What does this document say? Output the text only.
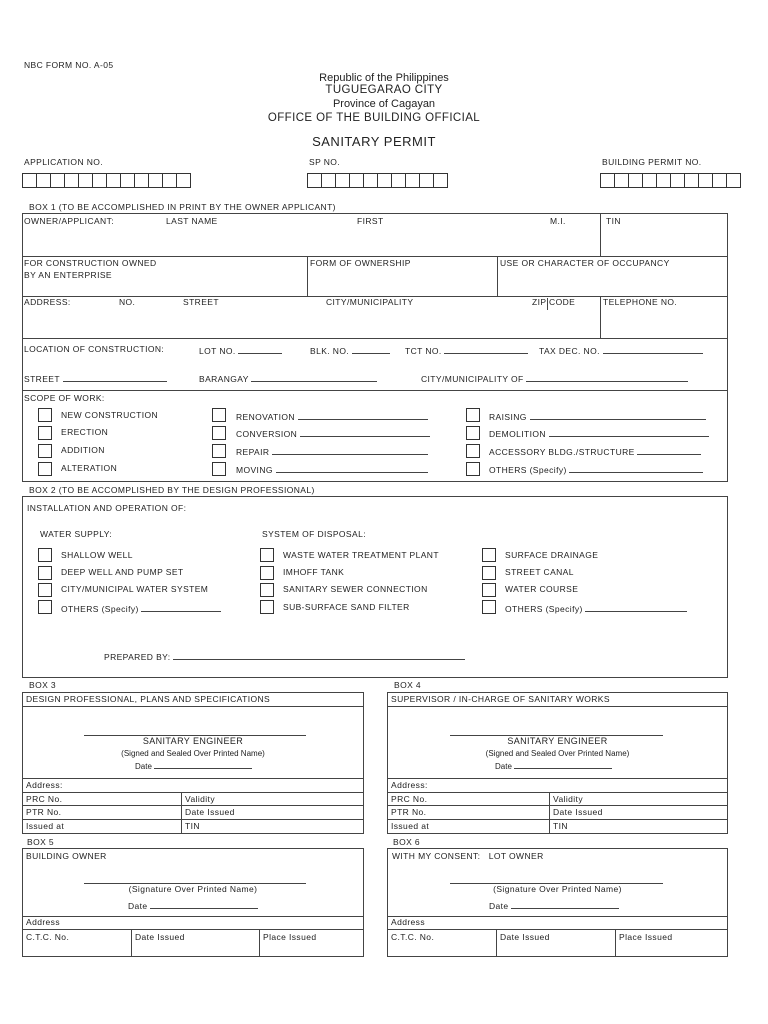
NBC FORM NO. A-05
Republic of the Philippines
TUGUEGARAO CITY
Province of Cagayan
OFFICE OF THE BUILDING OFFICIAL
SANITARY PERMIT
APPLICATION NO.	SP NO.	BUILDING PERMIT NO.
BOX 1 (TO BE ACCOMPLISHED IN PRINT BY THE OWNER APPLICANT)
OWNER/APPLICANT:	LAST NAME	FIRST	M.I.	TIN
FOR CONSTRUCTION OWNED
BY AN ENTERPRISE
FORM OF OWNERSHIP	USE OR CHARACTER OF OCCUPANCY
ADDRESS:	NO.	STREET	CITY/MUNICIPALITY	ZIP CODE	TELEPHONE NO.
LOCATION OF CONSTRUCTION:	LOT NO.	BLK. NO.	TCT NO.	TAX DEC. NO.
STREET	BARANGAY	CITY/MUNICIPALITY OF
SCOPE OF WORK:
NEW CONSTRUCTION
ERECTION
ADDITION
ALTERATION
RENOVATION
CONVERSION
REPAIR
MOVING
RAISING
DEMOLITION
ACCESSORY BLDG./STRUCTURE
OTHERS (Specify)
BOX 2 (TO BE ACCOMPLISHED BY THE DESIGN PROFESSIONAL)
INSTALLATION AND OPERATION OF:
WATER SUPPLY:	SYSTEM OF DISPOSAL:
SHALLOW WELL
DEEP WELL AND PUMP SET
CITY/MUNICIPAL WATER SYSTEM
OTHERS (Specify)
WASTE WATER TREATMENT PLANT
IMHOFF TANK
SANITARY SEWER CONNECTION
SUB-SURFACE SAND FILTER
SURFACE DRAINAGE
STREET CANAL
WATER COURSE
OTHERS (Specify)
PREPARED BY:
BOX 3
DESIGN PROFESSIONAL, PLANS AND SPECIFICATIONS
SANITARY ENGINEER
(Signed and Sealed Over Printed Name)
Date
Address:
PRC No.	Validity
PTR No.	Date Issued
Issued at	TIN
BOX 4
SUPERVISOR / IN-CHARGE OF SANITARY WORKS
SANITARY ENGINEER
(Signed and Sealed Over Printed Name)
Date
Address:
PRC No.	Validity
PTR No.	Date Issued
Issued at	TIN
BOX 5
BUILDING OWNER
(Signature Over Printed Name)
Date
Address
C.T.C. No.	Date Issued	Place Issued
BOX 6
WITH MY CONSENT:   LOT OWNER
(Signature Over Printed Name)
Date
Address
C.T.C. No.	Date Issued	Place Issued
